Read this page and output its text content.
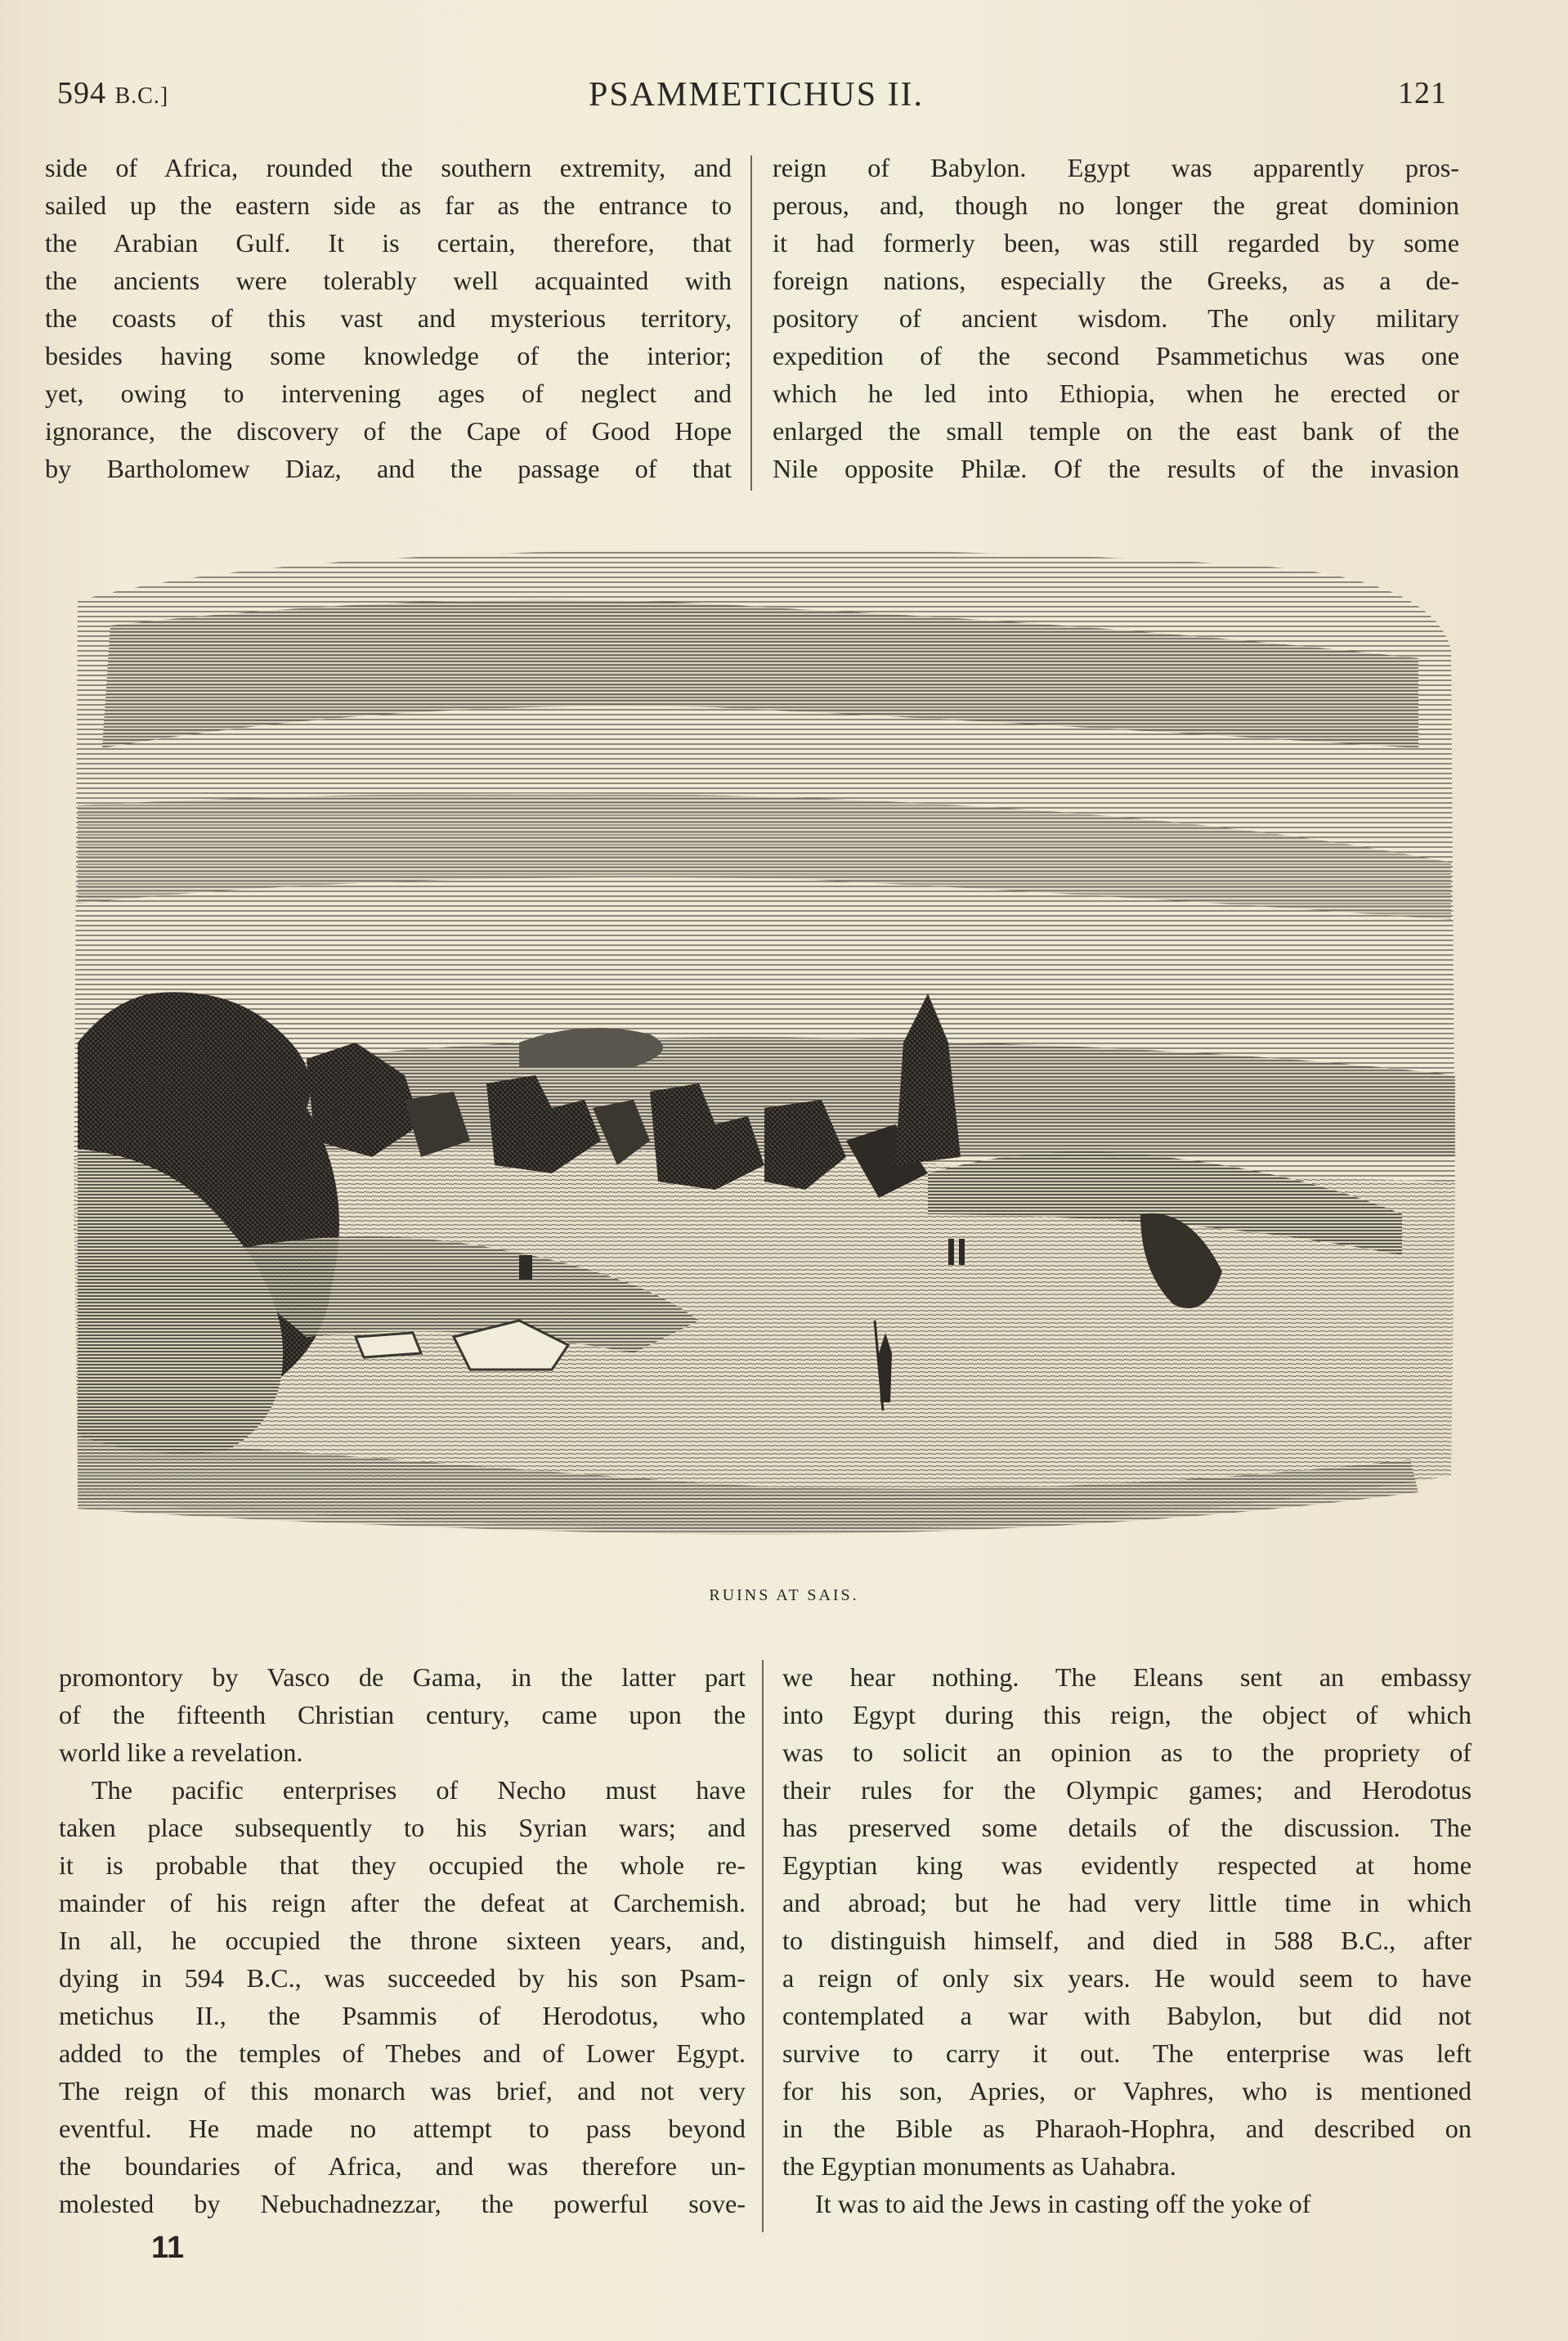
594 B.C.]	PSAMMETICHUS II.	121
side of Africa, rounded the southern extremity, and
sailed up the eastern side as far as the entrance to
the Arabian Gulf. It is certain, therefore, that
the ancients were tolerably well acquainted with
the coasts of this vast and mysterious territory,
besides having some knowledge of the interior;
yet, owing to intervening ages of neglect and
ignorance, the discovery of the Cape of Good Hope
by Bartholomew Diaz, and the passage of that
reign of Babylon. Egypt was apparently pros-
perous, and, though no longer the great dominion
it had formerly been, was still regarded by some
foreign nations, especially the Greeks, as a de-
pository of ancient wisdom. The only military
expedition of the second Psammetichus was one
which he led into Ethiopia, when he erected or
enlarged the small temple on the east bank of the
Nile opposite Philæ. Of the results of the invasion
RUINS AT SAIS.
promontory by Vasco de Gama, in the latter part
of the fifteenth Christian century, came upon the
world like a revelation.
The pacific enterprises of Necho must have
taken place subsequently to his Syrian wars; and
it is probable that they occupied the whole re-
mainder of his reign after the defeat at Carchemish.
In all, he occupied the throne sixteen years, and,
dying in 594 B.C., was succeeded by his son Psam-
metichus II., the Psammis of Herodotus, who
added to the temples of Thebes and of Lower Egypt.
The reign of this monarch was brief, and not very
eventful. He made no attempt to pass beyond
the boundaries of Africa, and was therefore un-
molested by Nebuchadnezzar, the powerful sove-
we hear nothing. The Eleans sent an embassy
into Egypt during this reign, the object of which
was to solicit an opinion as to the propriety of
their rules for the Olympic games; and Herodotus
has preserved some details of the discussion. The
Egyptian king was evidently respected at home
and abroad; but he had very little time in which
to distinguish himself, and died in 588 B.C., after
a reign of only six years. He would seem to have
contemplated a war with Babylon, but did not
survive to carry it out. The enterprise was left
for his son, Apries, or Vaphres, who is mentioned
in the Bible as Pharaoh-Hophra, and described on
the Egyptian monuments as Uahabra.
It was to aid the Jews in casting off the yoke of
11
